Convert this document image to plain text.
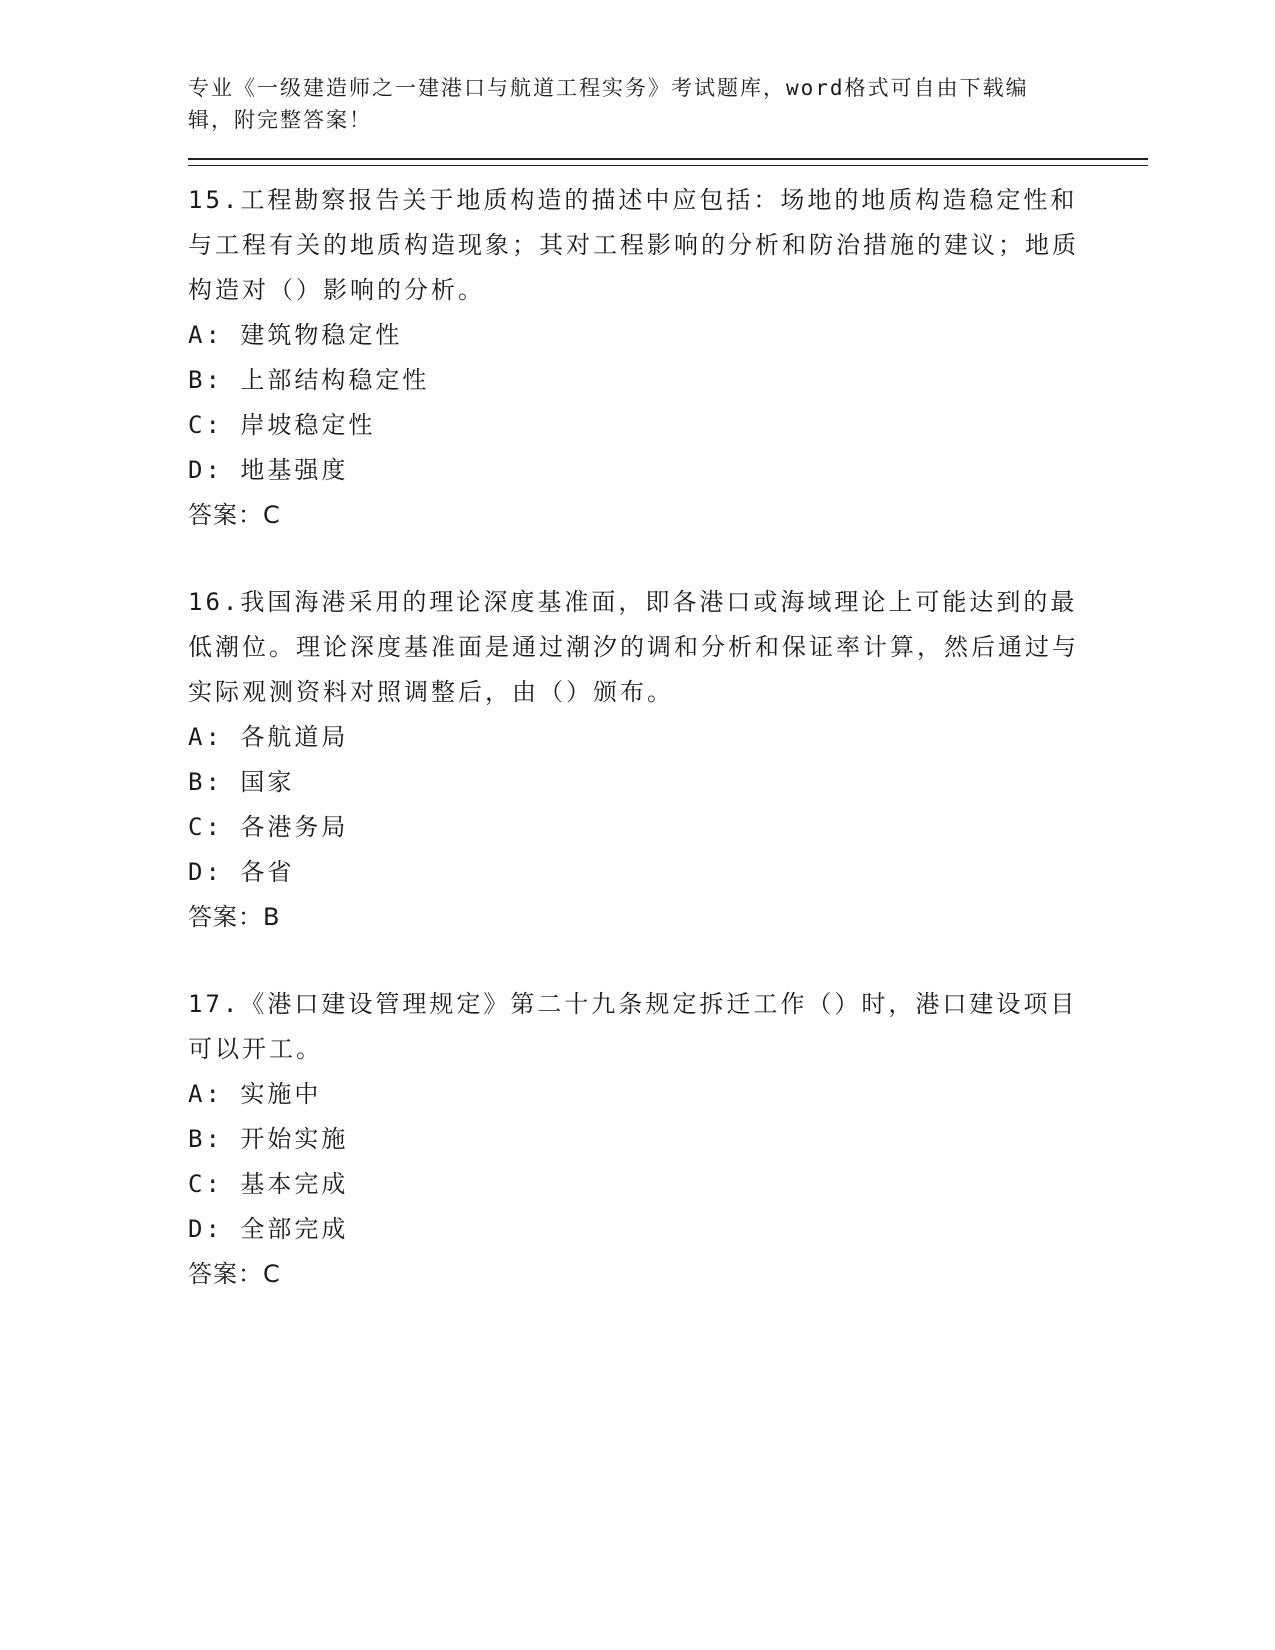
专业《一级建造师之一建港口与航道工程实务》考试题库，word格式可自由下载编辑，附完整答案！
15.工程勘察报告关于地质构造的描述中应包括：场地的地质构造稳定性和与工程有关的地质构造现象；其对工程影响的分析和防治措施的建议；地质构造对（）影响的分析。
A: 建筑物稳定性
B: 上部结构稳定性
C: 岸坡稳定性
D: 地基强度
答案：C
16.我国海港采用的理论深度基准面，即各港口或海域理论上可能达到的最低潮位。理论深度基准面是通过潮汐的调和分析和保证率计算，然后通过与实际观测资料对照调整后，由（）颁布。
A: 各航道局
B: 国家
C: 各港务局
D: 各省
答案：B
17.《港口建设管理规定》第二十九条规定拆迁工作（）时，港口建设项目可以开工。
A: 实施中
B: 开始实施
C: 基本完成
D: 全部完成
答案：C
